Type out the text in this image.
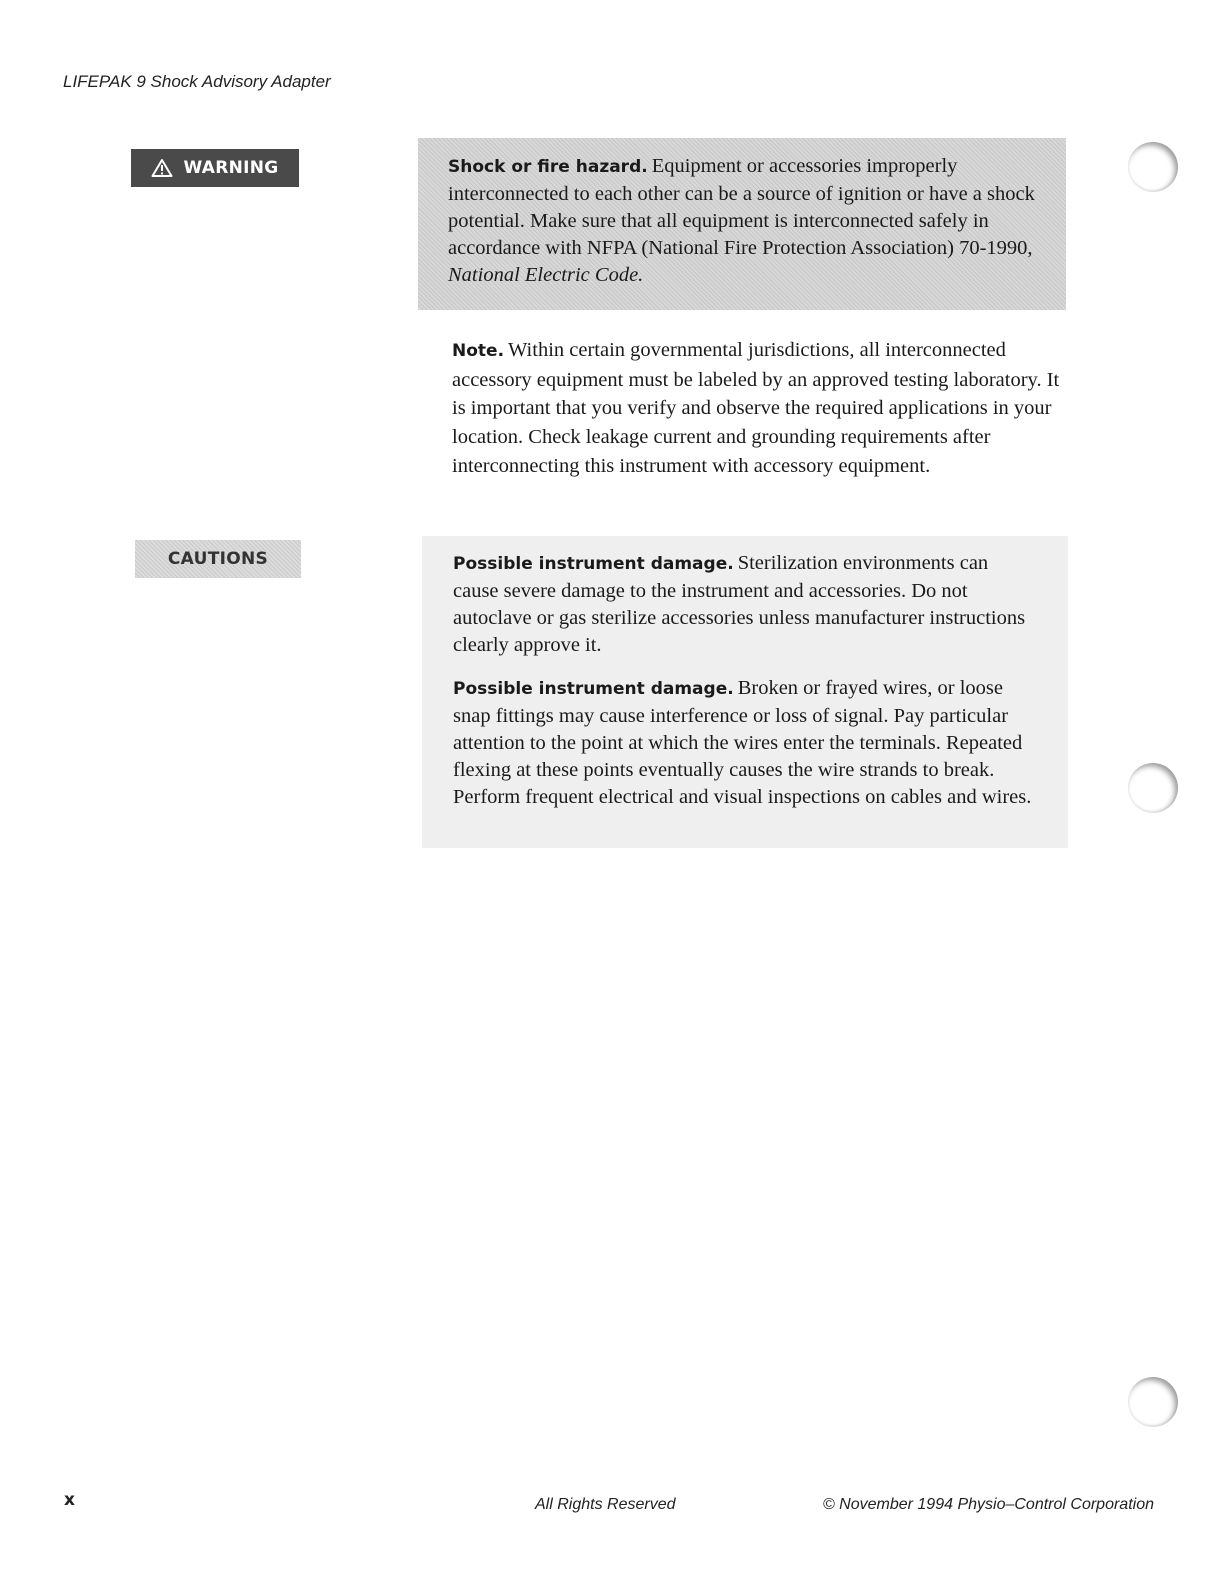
LIFEPAK 9 Shock Advisory Adapter
WARNING	Shock or fire hazard. Equipment or accessories improperly interconnected to each other can be a source of ignition or have a shock potential. Make sure that all equipment is interconnected safely in accordance with NFPA (National Fire Protection Association) 70-1990, National Electric Code.

Note. Within certain governmental jurisdictions, all interconnected accessory equipment must be labeled by an approved testing laboratory. It is important that you verify and observe the required applications in your location. Check leakage current and grounding requirements after interconnecting this instrument with accessory equipment.

CAUTIONS	Possible instrument damage. Sterilization environments can cause severe damage to the instrument and accessories. Do not autoclave or gas sterilize accessories unless manufacturer instructions clearly approve it.

Possible instrument damage. Broken or frayed wires, or loose snap fittings may cause interference or loss of signal. Pay particular attention to the point at which the wires enter the terminals. Repeated flexing at these points eventually causes the wire strands to break. Perform frequent electrical and visual inspections on cables and wires.

x	All Rights Reserved	© November 1994 Physio–Control Corporation
